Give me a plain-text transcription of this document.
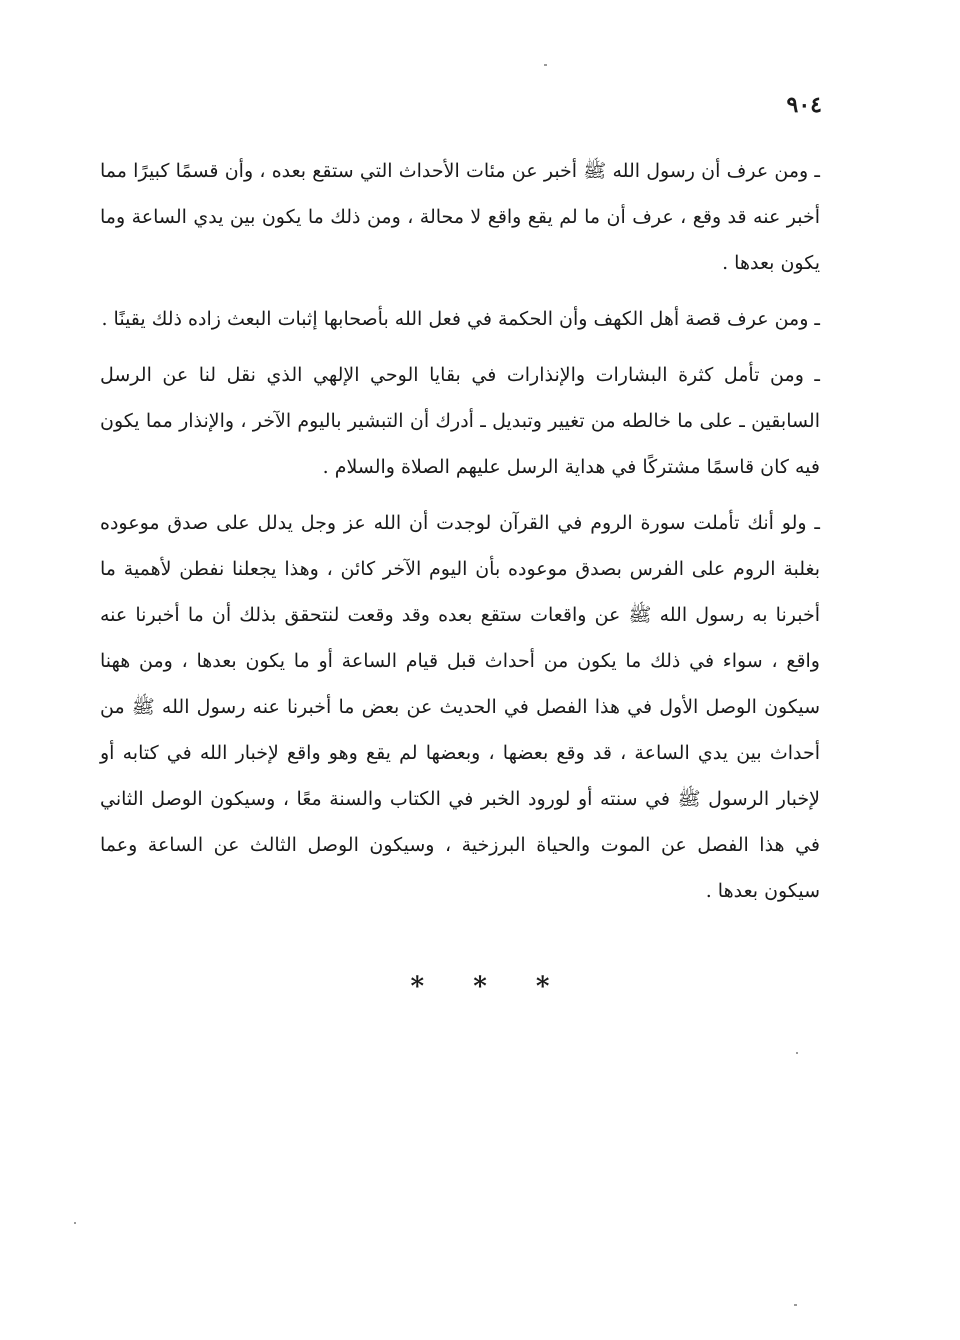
٩٠٤

ـ ومن عرف أن رسول الله ﷺ أخبر عن مئات الأحداث التي ستقع بعده ، وأن قسمًا كبيرًا مما أخبر عنه قد وقع ، عرف أن ما لم يقع واقع لا محالة ، ومن ذلك ما يكون بين يدي الساعة وما يكون بعدها .

ـ ومن عرف قصة أهل الكهف وأن الحكمة في فعل الله بأصحابها إثبات البعث زاده ذلك يقينًا .

ـ ومن تأمل كثرة البشارات والإنذارات في بقايا الوحي الإلهي الذي نقل لنا عن الرسل السابقين ـ على ما خالطه من تغيير وتبديل ـ أدرك أن التبشير باليوم الآخر ، والإنذار مما يكون فيه كان قاسمًا مشتركًا في هداية الرسل عليهم الصلاة والسلام .

ـ ولو أنك تأملت سورة الروم في القرآن لوجدت أن الله عز وجل يدلل على صدق موعوده بغلبة الروم على الفرس بصدق موعوده بأن اليوم الآخر كائن ، وهذا يجعلنا نفطن لأهمية ما أخبرنا به رسول الله ﷺ عن واقعات ستقع بعده وقد وقعت لنتحقق بذلك أن ما أخبرنا عنه واقع ، سواء في ذلك ما يكون من أحداث قبل قيام الساعة أو ما يكون بعدها ، ومن ههنا سيكون الوصل الأول في هذا الفصل في الحديث عن بعض ما أخبرنا عنه رسول الله ﷺ من أحداث بين يدي الساعة ، قد وقع بعضها ، وبعضها لم يقع وهو واقع لإخبار الله في كتابه أو لإخبار الرسول ﷺ في سنته أو لورود الخبر في الكتاب والسنة معًا ، وسيكون الوصل الثاني في هذا الفصل عن الموت والحياة البرزخية ، وسيكون الوصل الثالث عن الساعة وعما سيكون بعدها .

* * *
